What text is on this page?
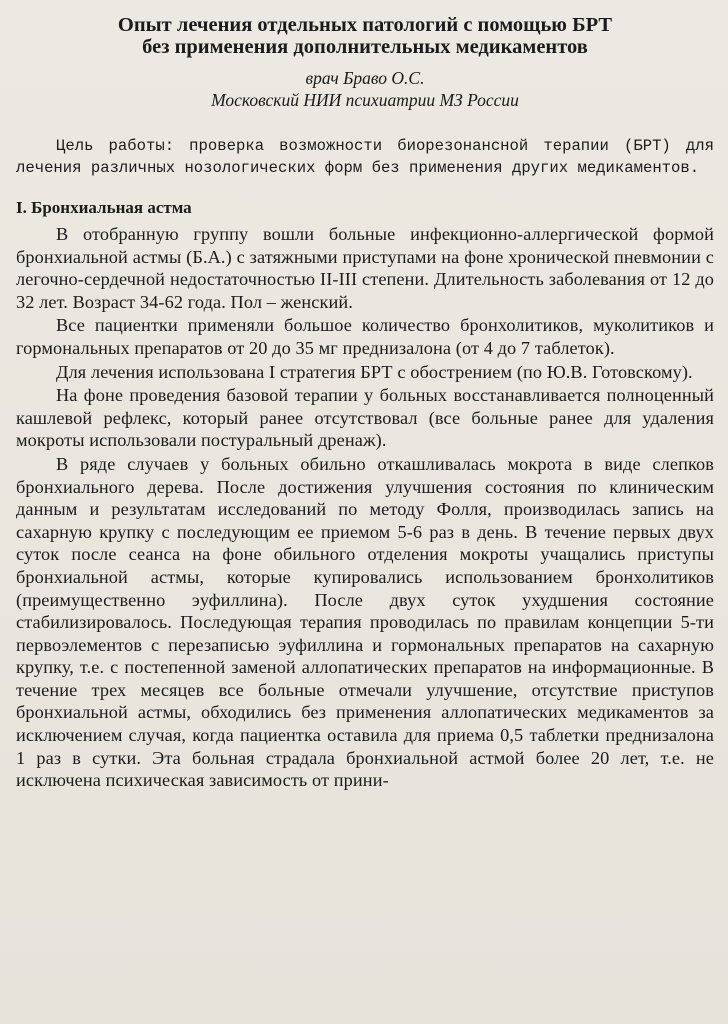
Опыт лечения отдельных патологий с помощью БРТ
без применения дополнительных медикаментов
врач Браво О.С.
Московский НИИ психиатрии МЗ России
Цель работы: проверка возможности биорезонансной терапии (БРТ) для лечения различных нозологических форм без применения других медикаментов.
I. Бронхиальная астма

В отобранную группу вошли больные инфекционно-аллергической формой бронхиальной астмы (Б.А.) с затяжными приступами на фоне хронической пневмонии с легочно-сердечной недостаточностью II-III степени. Длительность заболевания от 12 до 32 лет. Возраст 34-62 года. Пол – женский.

Все пациентки применяли большое количество бронхолитиков, муколитиков и гормональных препаратов от 20 до 35 мг преднизалона (от 4 до 7 таблеток).

Для лечения использована I стратегия БРТ с обострением (по Ю.В. Готовскому).

На фоне проведения базовой терапии у больных восстанавливается полноценный кашлевой рефлекс, который ранее отсутствовал (все больные ранее для удаления мокроты использовали постуральный дренаж).

В ряде случаев у больных обильно откашливалась мокрота в виде слепков бронхиального дерева. После достижения улучшения состояния по клиническим данным и результатам исследований по методу Фолля, производилась запись на сахарную крупку с последующим ее приемом 5-6 раз в день. В течение первых двух суток после сеанса на фоне обильного отделения мокроты учащались приступы бронхиальной астмы, которые купировались использованием бронхолитиков (преимущественно эуфиллина). После двух суток ухудшения состояние стабилизировалось. Последующая терапия проводилась по правилам концепции 5-ти первоэлементов с перезаписью эуфиллина и гормональных препаратов на сахарную крупку, т.е. с постепенной заменой аллопатических препаратов на информационные. В течение трех месяцев все больные отмечали улучшение, отсутствие приступов бронхиальной астмы, обходились без применения аллопатических медикаментов за исключением случая, когда пациентка оставила для приема 0,5 таблетки преднизалона 1 раз в сутки. Эта больная страдала бронхиальной астмой более 20 лет, т.е. не исключена психическая зависимость от прини-
